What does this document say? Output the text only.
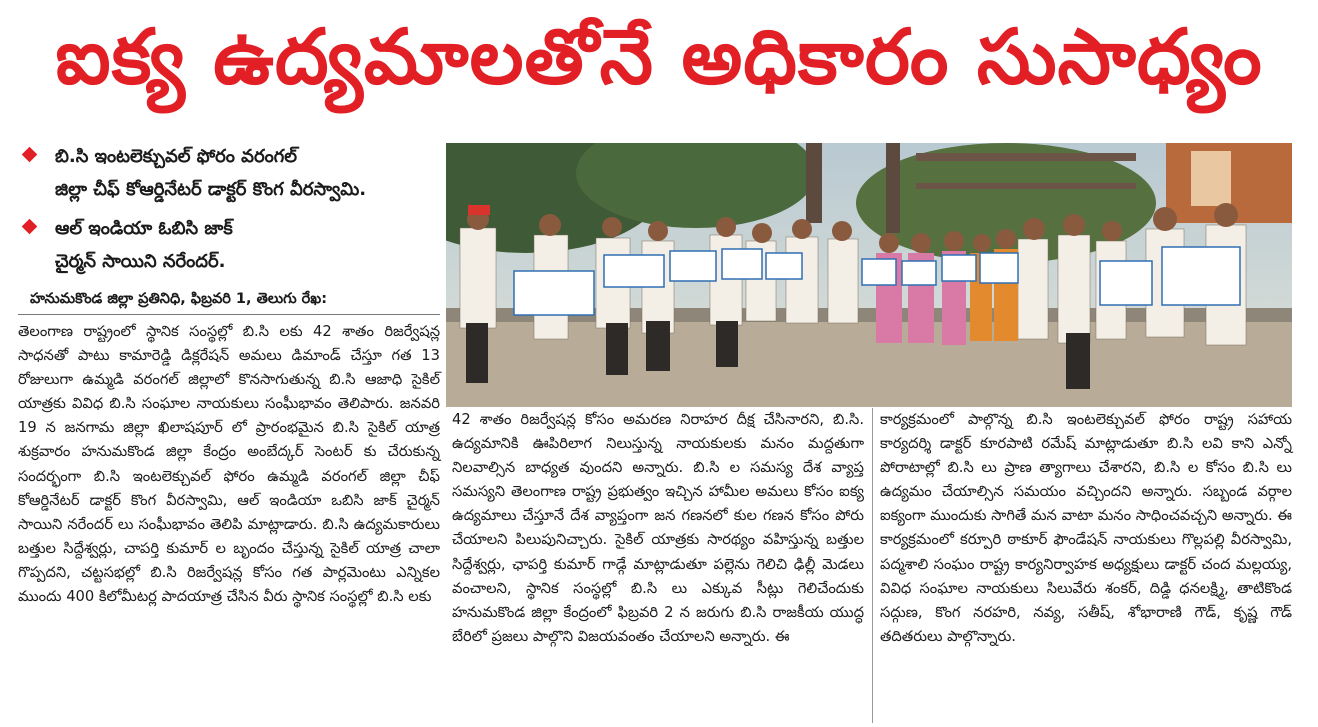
ఐక్య ఉద్యమాలతోనే అధికారం సుసాధ్యం
బి.సి ఇంటలెక్చువల్ ఫోరం వరంగల్
జిల్లా చీఫ్ కోఆర్డినేటర్ డాక్టర్ కొంగ వీరస్వామి.
ఆల్ ఇండియా ఓబిసి జాక్
చైర్మన్ సాయిని నరేందర్.
హనుమకొండ జిల్లా ప్రతినిధి, ఫిబ్రవరి 1, తెలుగు రేఖ:
తెలంగాణ రాష్ట్రంలో స్థానిక సంస్థల్లో బి.సి లకు 42 శాతం రిజర్వేషన్ల సాధనతో పాటు కామారెడ్డి డిక్లరేషన్ అమలు డిమాండ్ చేస్తూ గత 13 రోజులుగా ఉమ్మడి వరంగల్ జిల్లాలో కొనసాగుతున్న బి.సి ఆజాధి సైకిల్ యాత్రకు వివిధ బి.సి సంఘాల నాయకులు సంఘీభావం తెలిపారు. జనవరి 19 న జనగామ జిల్లా ఖిలాషపూర్ లో ప్రారంభమైన బి.సి సైకిల్ యాత్ర శుక్రవారం హనుమకొండ జిల్లా కేంద్రం అంబేద్కర్ సెంటర్ కు చేరుకున్న సందర్భంగా బి.సి ఇంటలెక్చువల్ ఫోరం ఉమ్మడి వరంగల్ జిల్లా చీఫ్ కోఆర్డినేటర్ డాక్టర్ కొంగ వీరస్వామి, ఆల్ ఇండియా ఒబిసి జాక్ చైర్మన్ సాయిని నరేందర్ లు సంఘీభావం తెలిపి మాట్లాడారు. బి.సి ఉద్యమకారులు బత్తుల సిద్దేశ్వర్లు, చాపర్తి కుమార్ ల బృందం చేస్తున్న సైకిల్ యాత్ర చాలా గొప్పదని, చట్టసభల్లో బి.సి రిజర్వేషన్ల కోసం గత పార్లమెంటు ఎన్నికల ముందు 400 కిలోమీటర్ల పాదయాత్ర చేసిన వీరు స్థానిక సంస్థల్లో బి.సి లకు
42 శాతం రిజర్వేషన్ల కోసం అమరణ నిరాహర దీక్ష చేసినారని, బి.సి. ఉద్యమానికి ఊపిరిలాగ నిలుస్తున్న నాయకులకు మనం మద్దతుగా నిలవాల్సిన బాధ్యత వుందని అన్నారు. బి.సి ల సమస్య దేశ వ్యాప్త సమస్యని తెలంగాణ రాష్ట్ర ప్రభుత్వం ఇచ్చిన హామీల అమలు కోసం ఐక్య ఉద్యమాలు చేస్తూనే దేశ వ్యాప్తంగా జన గణనలో కుల గణన కోసం పోరు చేయాలని పిలుపునిచ్చారు. సైకిల్ యాత్రకు సారథ్యం వహిస్తున్న బత్తుల సిద్దేశ్వర్లు, ఛాపర్తి కుమార్ గాడ్గే మాట్లాడుతూ పల్లెను గెలిచి ఢిల్లీ మెడలు వంచాలని, స్థానిక సంస్థల్లో బి.సి లు ఎక్కువ సీట్లు గెలిచేందుకు హనుమకొండ జిల్లా కేంద్రంలో ఫిబ్రవరి 2 న జరుగు బి.సి రాజకీయ యుద్ధ బేరిలో ప్రజలు పాల్గొని విజయవంతం చేయాలని అన్నారు. ఈ
కార్యక్రమంలో పాల్గొన్న బి.సి ఇంటలెక్చువల్ ఫోరం రాష్ట్ర సహాయ కార్యదర్శి డాక్టర్ కూరపాటి రమేష్ మాట్లాడుతూ బి.సి లవి కాని ఎన్నో పోరాటాల్లో బి.సి లు ప్రాణ త్యాగాలు చేశారని, బి.సి ల కోసం బి.సి లు ఉద్యమం చేయాల్సిన సమయం వచ్చిందని అన్నారు. సబ్బండ వర్గాల ఐక్యంగా ముందుకు సాగితే మన వాటా మనం సాధించవచ్చని అన్నారు. ఈ కార్యక్రమంలో కర్పూరి ఠాకూర్ ఫౌండేషన్ నాయకులు గొల్లపల్లి వీరస్వామి, పద్మశాలి సంఘం రాష్ట్ర కార్యనిర్వాహక అధ్యక్షులు డాక్టర్ చంద మల్లయ్య, వివిధ సంఘాల నాయకులు సిలువేరు శంకర్, దిడ్డి ధనలక్ష్మి, తాటికొండ సద్గుణ, కొంగ నరహరి, నవ్య, సతీష్, శోభారాణి గౌడ్, కృష్ణ గౌడ్ తదితరులు పాల్గొన్నారు.
